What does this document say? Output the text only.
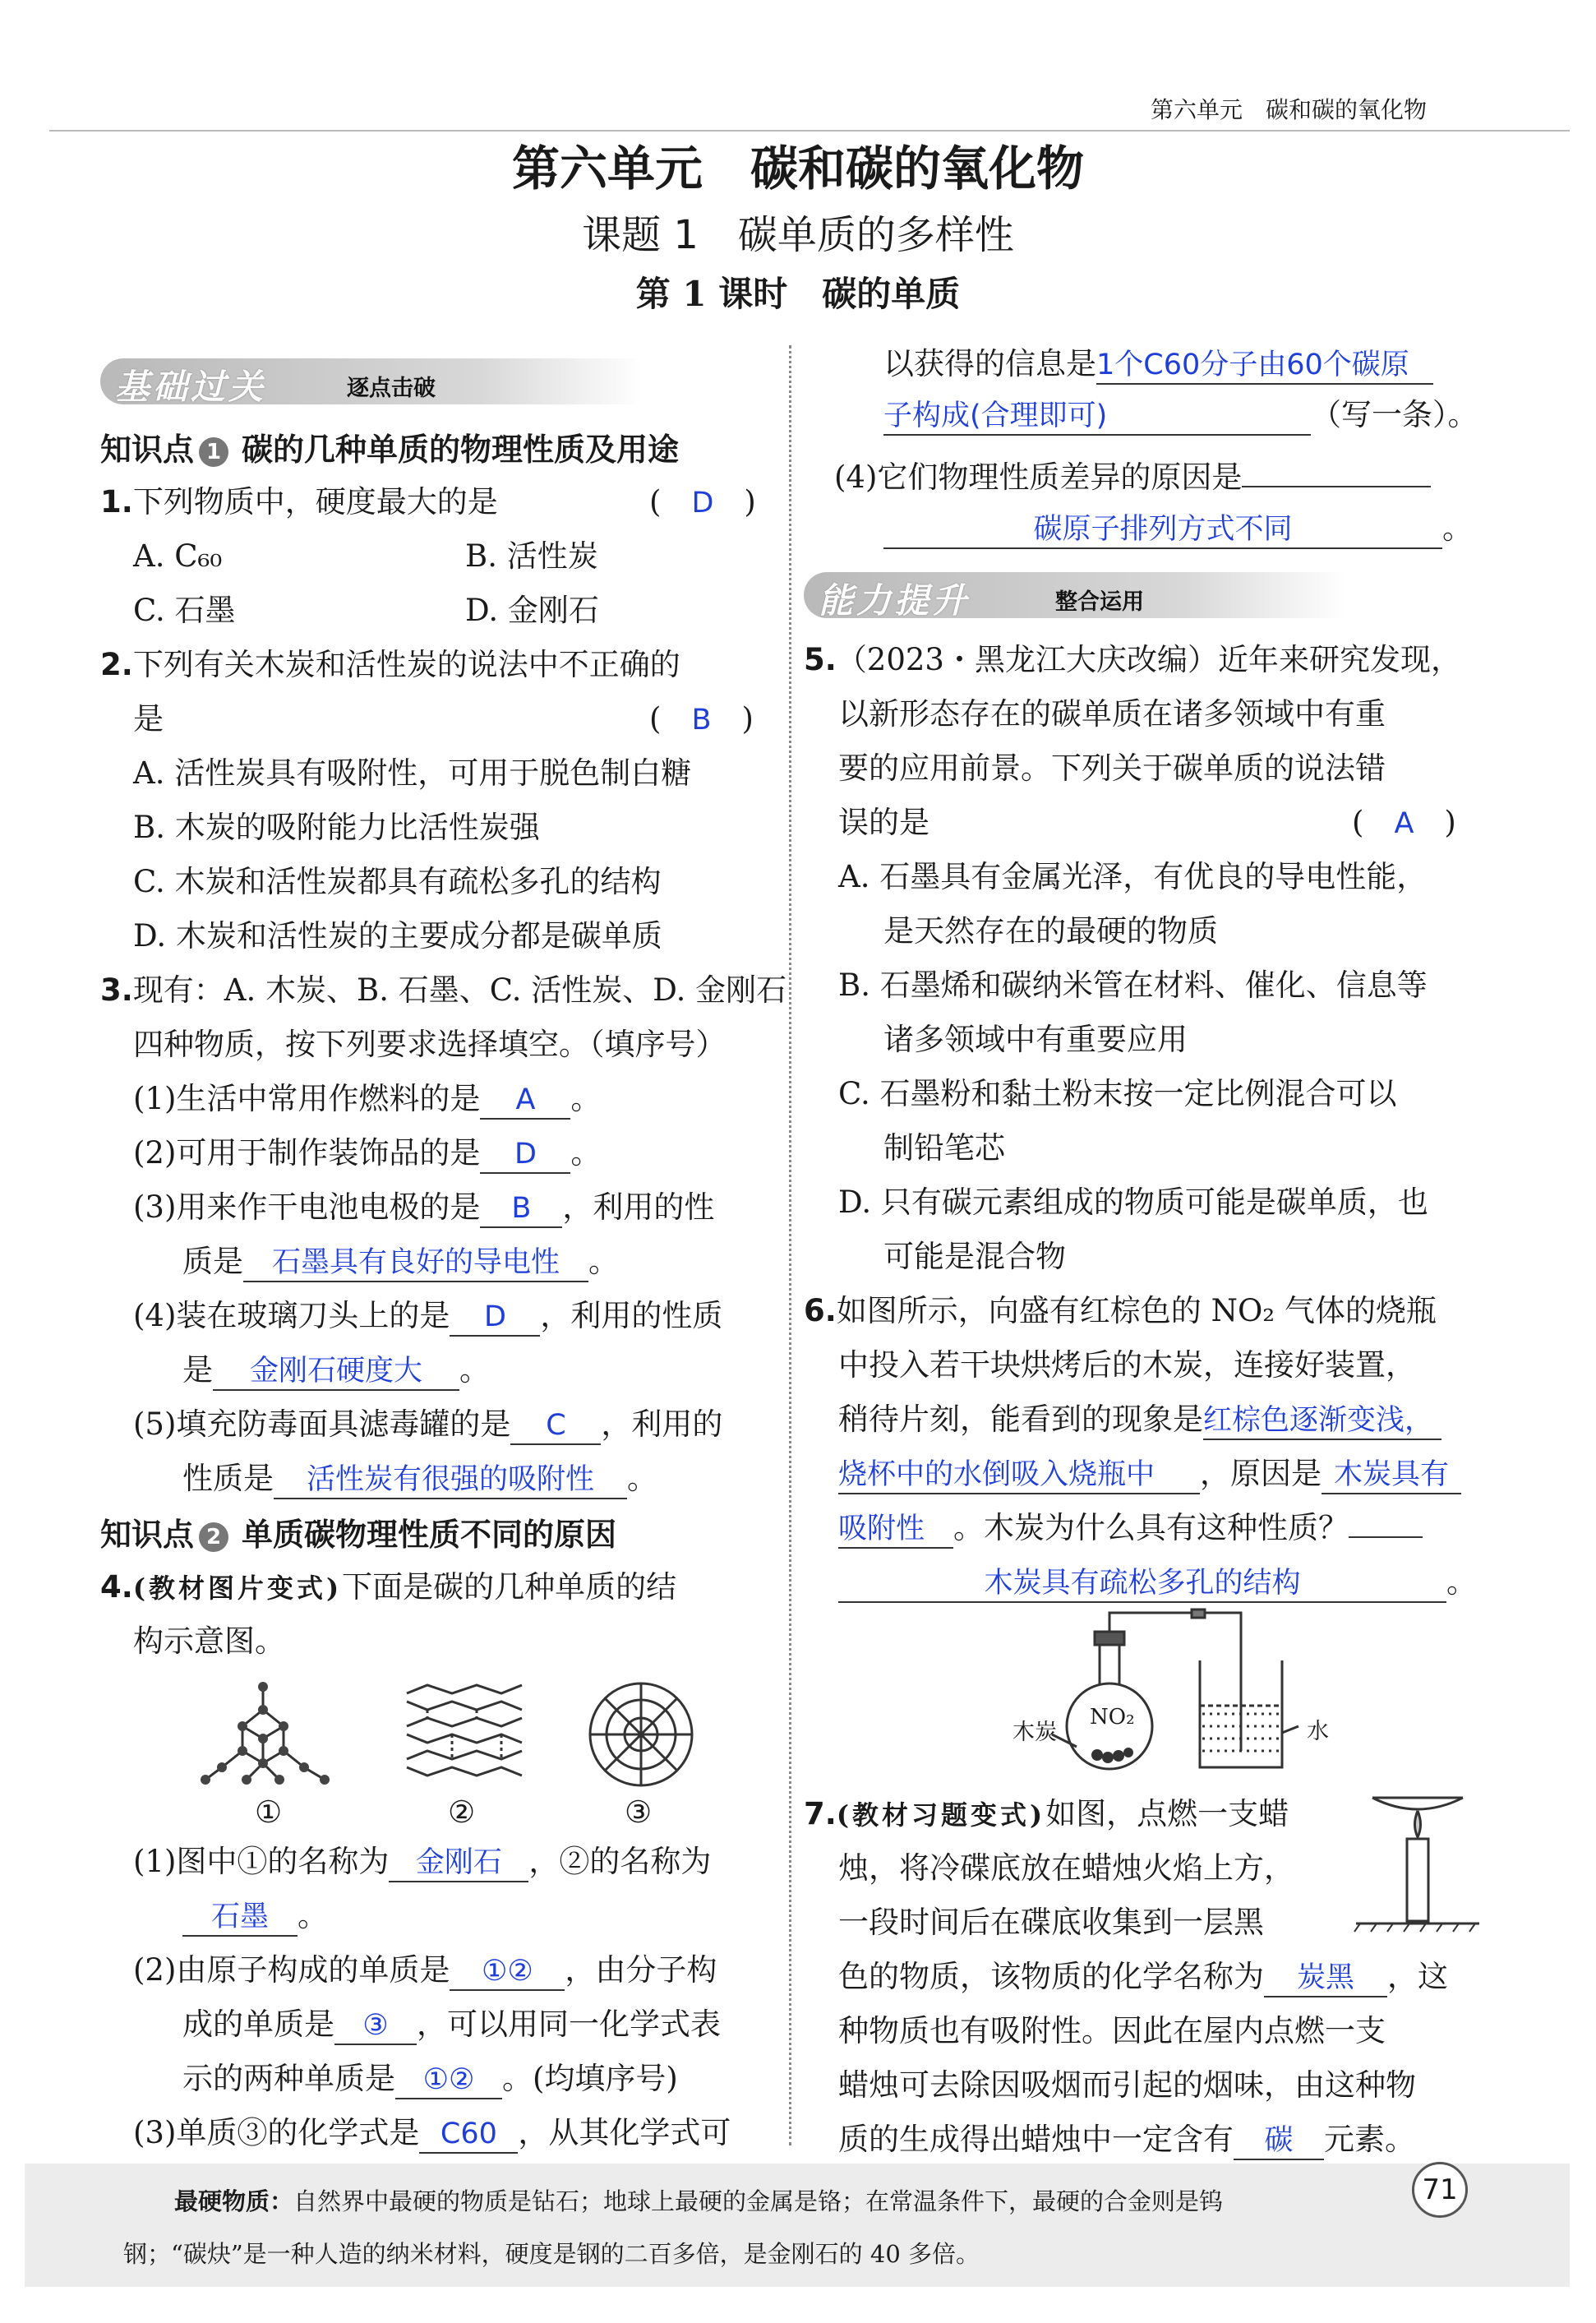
第六单元　碳和碳的氧化物
第六单元　碳和碳的氧化物
课题 1　碳单质的多样性
第 1 课时　碳的单质
基础过关	逐点击破
知识点 1 碳的几种单质的物理性质及用途
1.下列物质中，硬度最大的是	(　D　)
A. C₆₀	B. 活性炭
C. 石墨	D. 金刚石
2.下列有关木炭和活性炭的说法中不正确的
是	(　B　)
A. 活性炭具有吸附性，可用于脱色制白糖
B. 木炭的吸附能力比活性炭强
C. 木炭和活性炭都具有疏松多孔的结构
D. 木炭和活性炭的主要成分都是碳单质
3.现有：A. 木炭、B. 石墨、C. 活性炭、D. 金刚石
四种物质，按下列要求选择填空。（填序号）
(1)生活中常用作燃料的是 A 。
(2)可用于制作装饰品的是 D 。
(3)用来作干电池电极的是 B ，利用的性
质是 石墨具有良好的导电性 。
(4)装在玻璃刀头上的是 D ，利用的性质
是 金刚石硬度大 。
(5)填充防毒面具滤毒罐的是 C ，利用的
性质是 活性炭有很强的吸附性 。
知识点 2 单质碳物理性质不同的原因
4.(教材图片变式)下面是碳的几种单质的结
构示意图。
①	②	③
(1)图中①的名称为 金刚石 ，②的名称为
石墨 。
(2)由原子构成的单质是 ①② ，由分子构
成的单质是 ③ ，可以用同一化学式表
示的两种单质是 ①② 。(均填序号)
(3)单质③的化学式是 C60 ，从其化学式可
以获得的信息是1个C60分子由60个碳原
子构成(合理即可)	（写一条）。
(4)它们物理性质差异的原因是
碳原子排列方式不同	。
能力提升	整合运用
5.（2023・黑龙江大庆改编）近年来研究发现，
以新形态存在的碳单质在诸多领域中有重
要的应用前景。下列关于碳单质的说法错
误的是	(　A　)
A. 石墨具有金属光泽，有优良的导电性能，
是天然存在的最硬的物质
B. 石墨烯和碳纳米管在材料、催化、信息等
诸多领域中有重要应用
C. 石墨粉和黏土粉末按一定比例混合可以
制铅笔芯
D. 只有碳元素组成的物质可能是碳单质，也
可能是混合物
6.如图所示，向盛有红棕色的 NO₂ 气体的烧瓶
中投入若干块烘烤后的木炭，连接好装置，
稍待片刻，能看到的现象是红棕色逐渐变浅，
烧杯中的水倒吸入烧瓶中 ，原因是 木炭具有
吸附性 。木炭为什么具有这种性质？
木炭具有疏松多孔的结构	。
木炭
NO₂
水
7.(教材习题变式)如图，点燃一支蜡
烛，将冷碟底放在蜡烛火焰上方，
一段时间后在碟底收集到一层黑
色的物质，该物质的化学名称为 炭黑 ，这
种物质也有吸附性。因此在屋内点燃一支
蜡烛可去除因吸烟而引起的烟味，由这种物
质的生成得出蜡烛中一定含有 碳 元素。
最硬物质：自然界中最硬的物质是钻石；地球上最硬的金属是铬；在常温条件下，最硬的合金则是钨
钢；“碳炔”是一种人造的纳米材料，硬度是钢的二百多倍，是金刚石的 40 多倍。
71
